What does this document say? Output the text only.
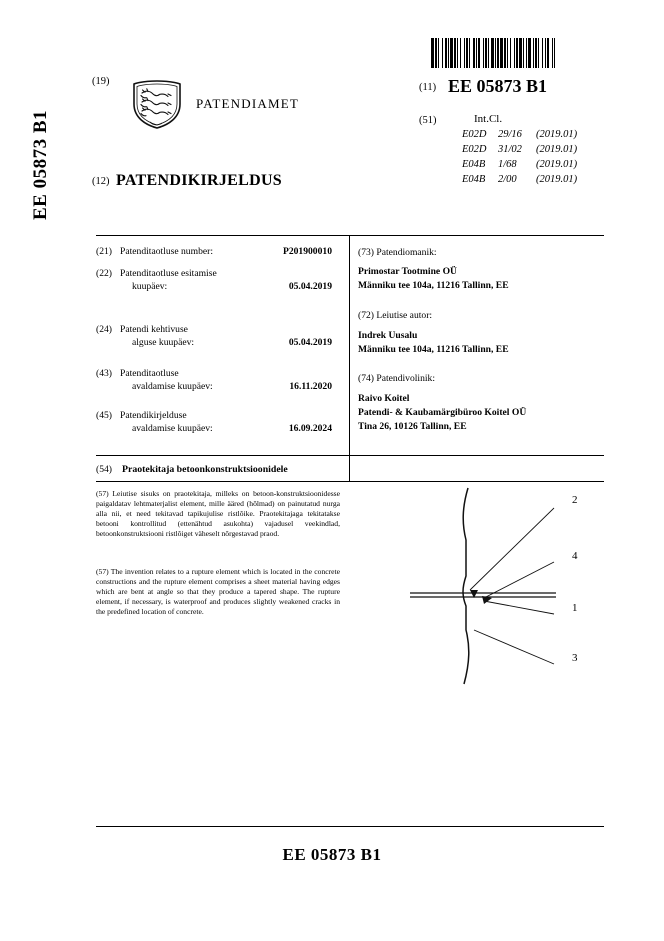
EE 05873 B1
(19)
PATENDIAMET
(12) PATENDIKIRJELDUS
(11) EE 05873 B1
(51)	Int.Cl.
E02D 29/16 (2019.01)
E02D 31/02 (2019.01)
E04B 1/68 (2019.01)
E04B 2/00 (2019.01)
(21) Patenditaotluse number:	P201900010
(22) Patenditaotluse esitamise
kuupäev:	05.04.2019
(24) Patendi kehtivuse
alguse kuupäev:	05.04.2019
(43) Patenditaotluse
avaldamise kuupäev:	16.11.2020
(45) Patendikirjelduse
avaldamise kuupäev:	16.09.2024
(73) Patendiomanik:
Primostar Tootmine OÜ
Männiku tee 104a, 11216 Tallinn, EE
(72) Leiutise autor:
Indrek Uusalu
Männiku tee 104a, 11216 Tallinn, EE
(74) Patendivolinik:
Raivo Koitel
Patendi- & Kaubamärgibüroo Koitel OÜ
Tina 26, 10126 Tallinn, EE
(54) Praotekitaja betoonkonstruktsioonidele
(57) Leiutise sisuks on praotekitaja, milleks on betoon-konstruktsioonidesse paigaldatav lehtmaterjalist element, mille ääred (hõlmad) on painutatud nurga alla nii, et need tekitavad tapikujulise ristlõike. Praotekitajaga tekitatakse betooni kontrollitud (ettenähtud asukohta) vajadusel veekindlad, betoonkonstruktsiooni ristlõiget väheselt nõrgestavad praod.
(57) The invention relates to a rupture element which is located in the concrete constructions and the rupture element comprises a sheet material having edges which are bent at angle so that they produce a tapered shape. The rupture element, if necessary, is waterproof and produces slightly weakened cracks in the predefined location of concrete.
2
4
1
3
EE 05873 B1
